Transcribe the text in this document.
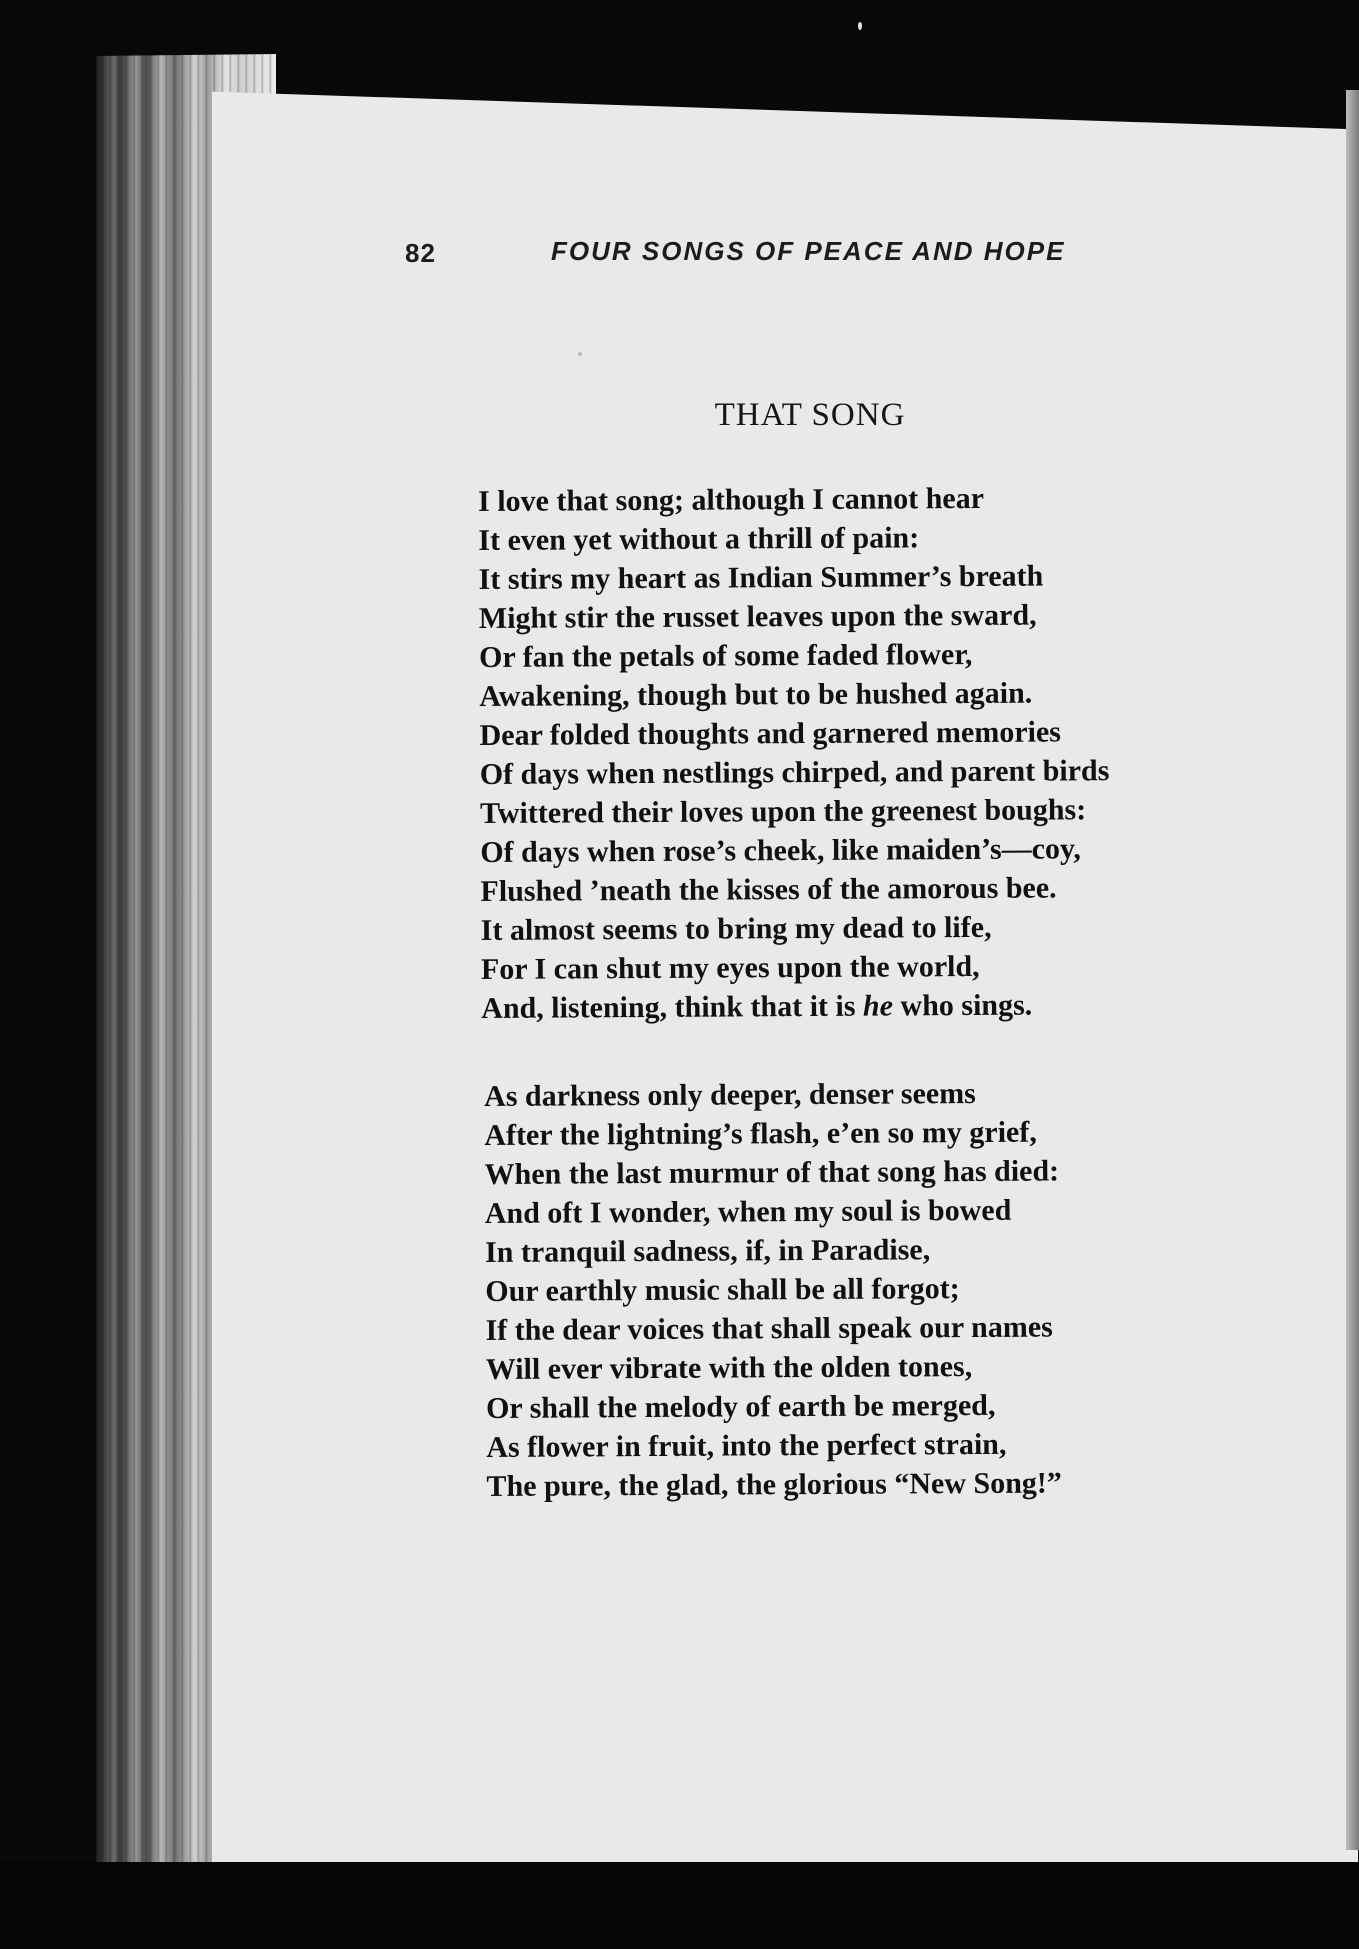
82	FOUR SONGS OF PEACE AND HOPE
THAT SONG
I love that song; although I cannot hear
It even yet without a thrill of pain:
It stirs my heart as Indian Summer’s breath
Might stir the russet leaves upon the sward,
Or fan the petals of some faded flower,
Awakening, though but to be hushed again.
Dear folded thoughts and garnered memories
Of days when nestlings chirped, and parent birds
Twittered their loves upon the greenest boughs:
Of days when rose’s cheek, like maiden’s—coy,
Flushed ’neath the kisses of the amorous bee.
It almost seems to bring my dead to life,
For I can shut my eyes upon the world,
And, listening, think that it is he who sings.
As darkness only deeper, denser seems
After the lightning’s flash, e’en so my grief,
When the last murmur of that song has died:
And oft I wonder, when my soul is bowed
In tranquil sadness, if, in Paradise,
Our earthly music shall be all forgot;
If the dear voices that shall speak our names
Will ever vibrate with the olden tones,
Or shall the melody of earth be merged,
As flower in fruit, into the perfect strain,
The pure, the glad, the glorious “New Song!”
